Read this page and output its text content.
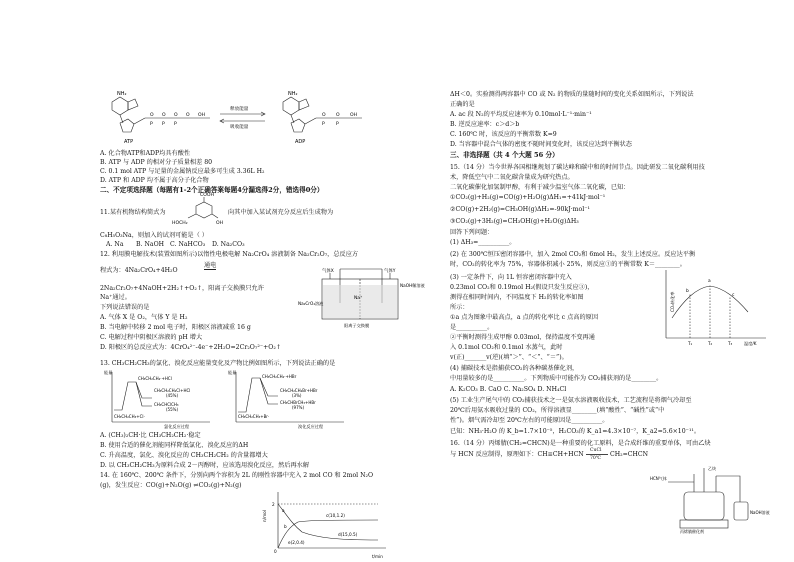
NH₂	NH₂
O
P
O
P
O
P
O OH	O
P
O
P
OH
释放能量
吸收能量
ATP	ADP
A. 化合物ATP和ADP均具有酸性
B. ATP 与 ADP 的相对分子质量相差 80
C. 0.1 mol ATP 与足量的金属钠反应最多可生成 3.36L H₂
D. ATP 和 ADP 均不属于高分子化合物
二、不定项选择题（每题有1-2个正确答案每题4分漏选得2分，错选得0分）
11.某有机物结构简式为
COOH
HOCH₂	OH
向其中加入某试剂充分反应后生成物为
C₈H₅O₃Na，则加入的试剂可能是（ ）
A. Na B. NaOH C. NaHCO₃ D. Na₂CO₃
12. 利用膜电解技术(装置如图所示)以惰性电极电解 Na₂CrO₄ 溶液制备 Na₂Cr₂O₇，总反应方
程式为：4Na₂CrO₄+4H₂O
通电
2Na₂Cr₂O₇+4NaOH+2H₂↑+O₂↑，阳离子交换膜只允许
Na⁺通过。
下列说法错误的是
A. 气体 X 是 O₂，气体 Y 是 H₂
B. 当电解中转移 2 mol 电子时，阳极区溶液减重 16 g
C. 电解过程中阴极区溶液的 pH 增大
D. 阳极区的总反应式为：4CrO₄²⁻-4e⁻+2H₂O=2Cr₂O₇²⁻+O₂↑
气体X	气体Y
Na⁺
Na₂CrO₄溶液
NaOH稀溶液
阳离子交换膜
13. CH₃CH₂CH₃的氯化、溴化反应能量变化及产物比例如图所示，下列说法正确的是
能量
CH₃CH₂CH₂·+HCl
CH₃CH₂CH₂Cl+HCl
(45%)
CH₃CHClCH₃
(55%)
CH₃CH₂CH₃+Cl·
氯化反应过程
能量
CH₃CH₂CH₂·+HBr
CH₃CH₂CH₂Br+HBr
(3%)
CH₃CHBrCH₃+HBr
(97%)
CH₃CH₂CH₃+Br·
溴化反应过程
A. (CH₃)₂CH·比 CH₃CH₂CH₂·稳定
B. 使用合适的催化剂能同样降低氯化、溴化反应的ΔH
C. 升高温度，氯化、溴化反应的 CH₃CH₂CH₂ 的含量都增大
D. 以 CH₃CH₂CH₃为原料合成 2－丙醇时，应该选用溴化反应，然后再水解
14. 在 160℃、200℃ 条件下，分别向两个容积为 2L 的刚性容器中充入 2 mol CO 和 2mol N₂O
(g)，发生反应：CO(g)+N₂O(g) ⇌CO₂(g)+N₂(g)
2
n/mol	a
b
c(10,1.2)
d(15,0.5)
e(2,0.4)
0
t/min
ΔH＜0。实验测得两容器中 CO 或 N₂ 的物质的量随时间的变化关系如图所示，下列说法
正确的是
A. ac 段 N₂的平均反应速率为 0.10mol·L⁻¹·min⁻¹
B. 逆反应速率：c＞d＞b
C. 160℃ 时，该反应的平衡常数 K=9
D. 当容器中混合气体的密度不随时间变化时，该反应达到平衡状态
三、非选择题（共 4 个大题 56 分）
15.（14 分）当今世界各国相继规划了碳达峰和碳中和的时间节点。因此研发二氧化碳利用技
术，降低空气中二氧化碳含量成为研究热点。
二氧化碳催化加氢制甲醇，有利于减少温室气体二氧化碳，已知：
①CO₂(g)+H₂(g)=CO(g)+H₂O(g)ΔH₁=+41kJ·mol⁻¹
②CO(g)+2H₂(g)=CH₃OH(g)ΔH₂=-90kJ·mol⁻¹
③CO₂(g)+3H₂(g)=CH₃OH(g)+H₂O(g)ΔH₃
回答下列问题：
(1) ΔH₃=__________。
(2) 在 300℃恒压密闭容器中，加入 2mol CO₂和 6mol H₂，发生上述反应。反应达平衡
时，CO₂的转化率为 75%，容器体积减小 25%，则反应①的平衡常数 K＝________。
(3) 一定条件下，向 1L 恒容密闭容器中充入
0.23mol CO₂和 0.19mol H₂(假设只发生反应③)，
测得在相同时间内，不同温度下 H₂的转化率如图
所示：
①a 点为图象中最高点，a 点的转化率比 c 点高的原因
是__________。
②平衡时测得生成甲醇 0.03mol，保持温度不变再通
入 0.1mol CO₂和 0.1mol 水蒸气，此时
v(正)_______v(逆)(填“＞”、“＜”、“＝”)。
(4) 捕碳技术是指捕获CO₂的各种碳基催化剂，
中用量较多的是__________。下列物质中可能作为 CO₂捕获剂的是________。
A. K₂CO₃ B. CaO C. Na₂SO₄ D. NH₄Cl
(5) 工业生产尾气中的 CO₂捕获技术之一是氨水溶液吸收技术，工艺流程是将烟气冷却至
20℃后用氨水吸收过量的 CO₂，所得溶液显________(填“酸性”、“碱性”或“中
性”)。烟气需冷却至 20℃左右的可能原因是__________。
已知：NH₃·H₂O 的 K_b=1.7×10⁻⁵，H₂CO₃的 K_a1=4.3×10⁻⁷，K_a2=5.6×10⁻¹¹。
CO₂转化率
a
b
c
T₁	T₂	T₃	温度/K
16.（14 分）丙烯腈(CH₂=CHCN)是一种重要的化工原料，是合成纤维的重要单体，可由乙炔
与 HCN 反应制得，原理如下：CH≡CH+HCN
CuCl
70℃
CH₂=CHCN
HCN气体
乙炔
NaOH溶液
丙烯腈催化剂
